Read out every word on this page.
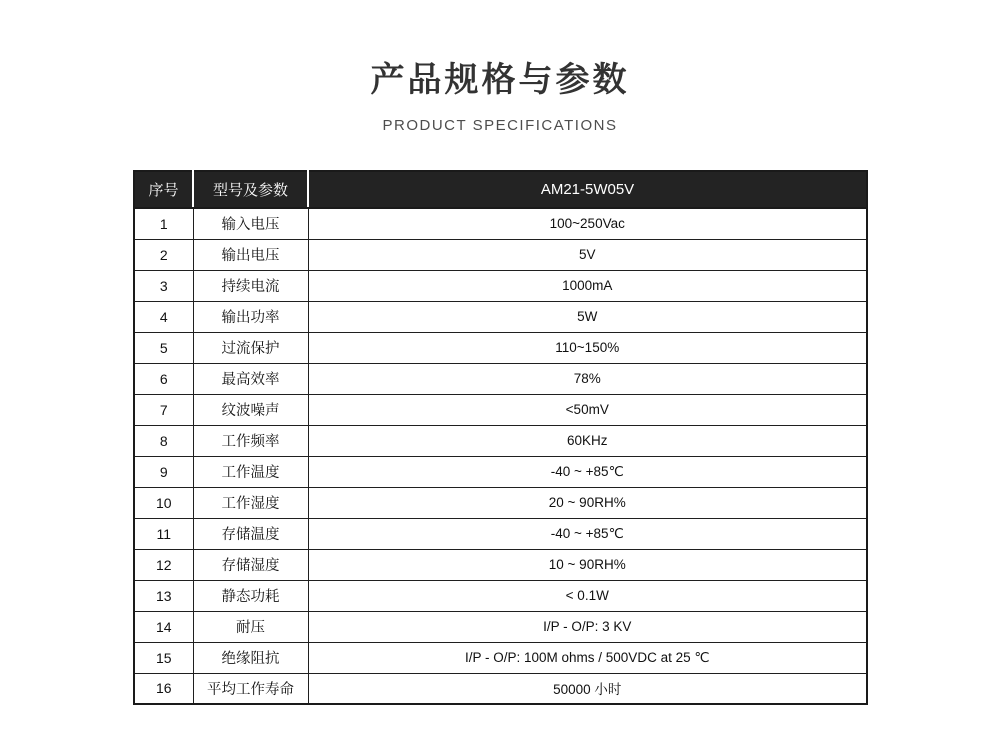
产品规格与参数
PRODUCT SPECIFICATIONS
序号	型号及参数	AM21-5W05V
1	输入电压	100~250Vac
2	输出电压	5V
3	持续电流	1000mA
4	输出功率	5W
5	过流保护	110~150%
6	最高效率	78%
7	纹波噪声	<50mV
8	工作频率	60KHz
9	工作温度	-40 ~ +85℃
10	工作湿度	20 ~ 90RH%
11	存储温度	-40 ~ +85℃
12	存储湿度	10 ~ 90RH%
13	静态功耗	< 0.1W
14	耐压	I/P - O/P: 3 KV
15	绝缘阻抗	I/P - O/P: 100M ohms / 500VDC at 25 ℃
16	平均工作寿命	50000 小时
